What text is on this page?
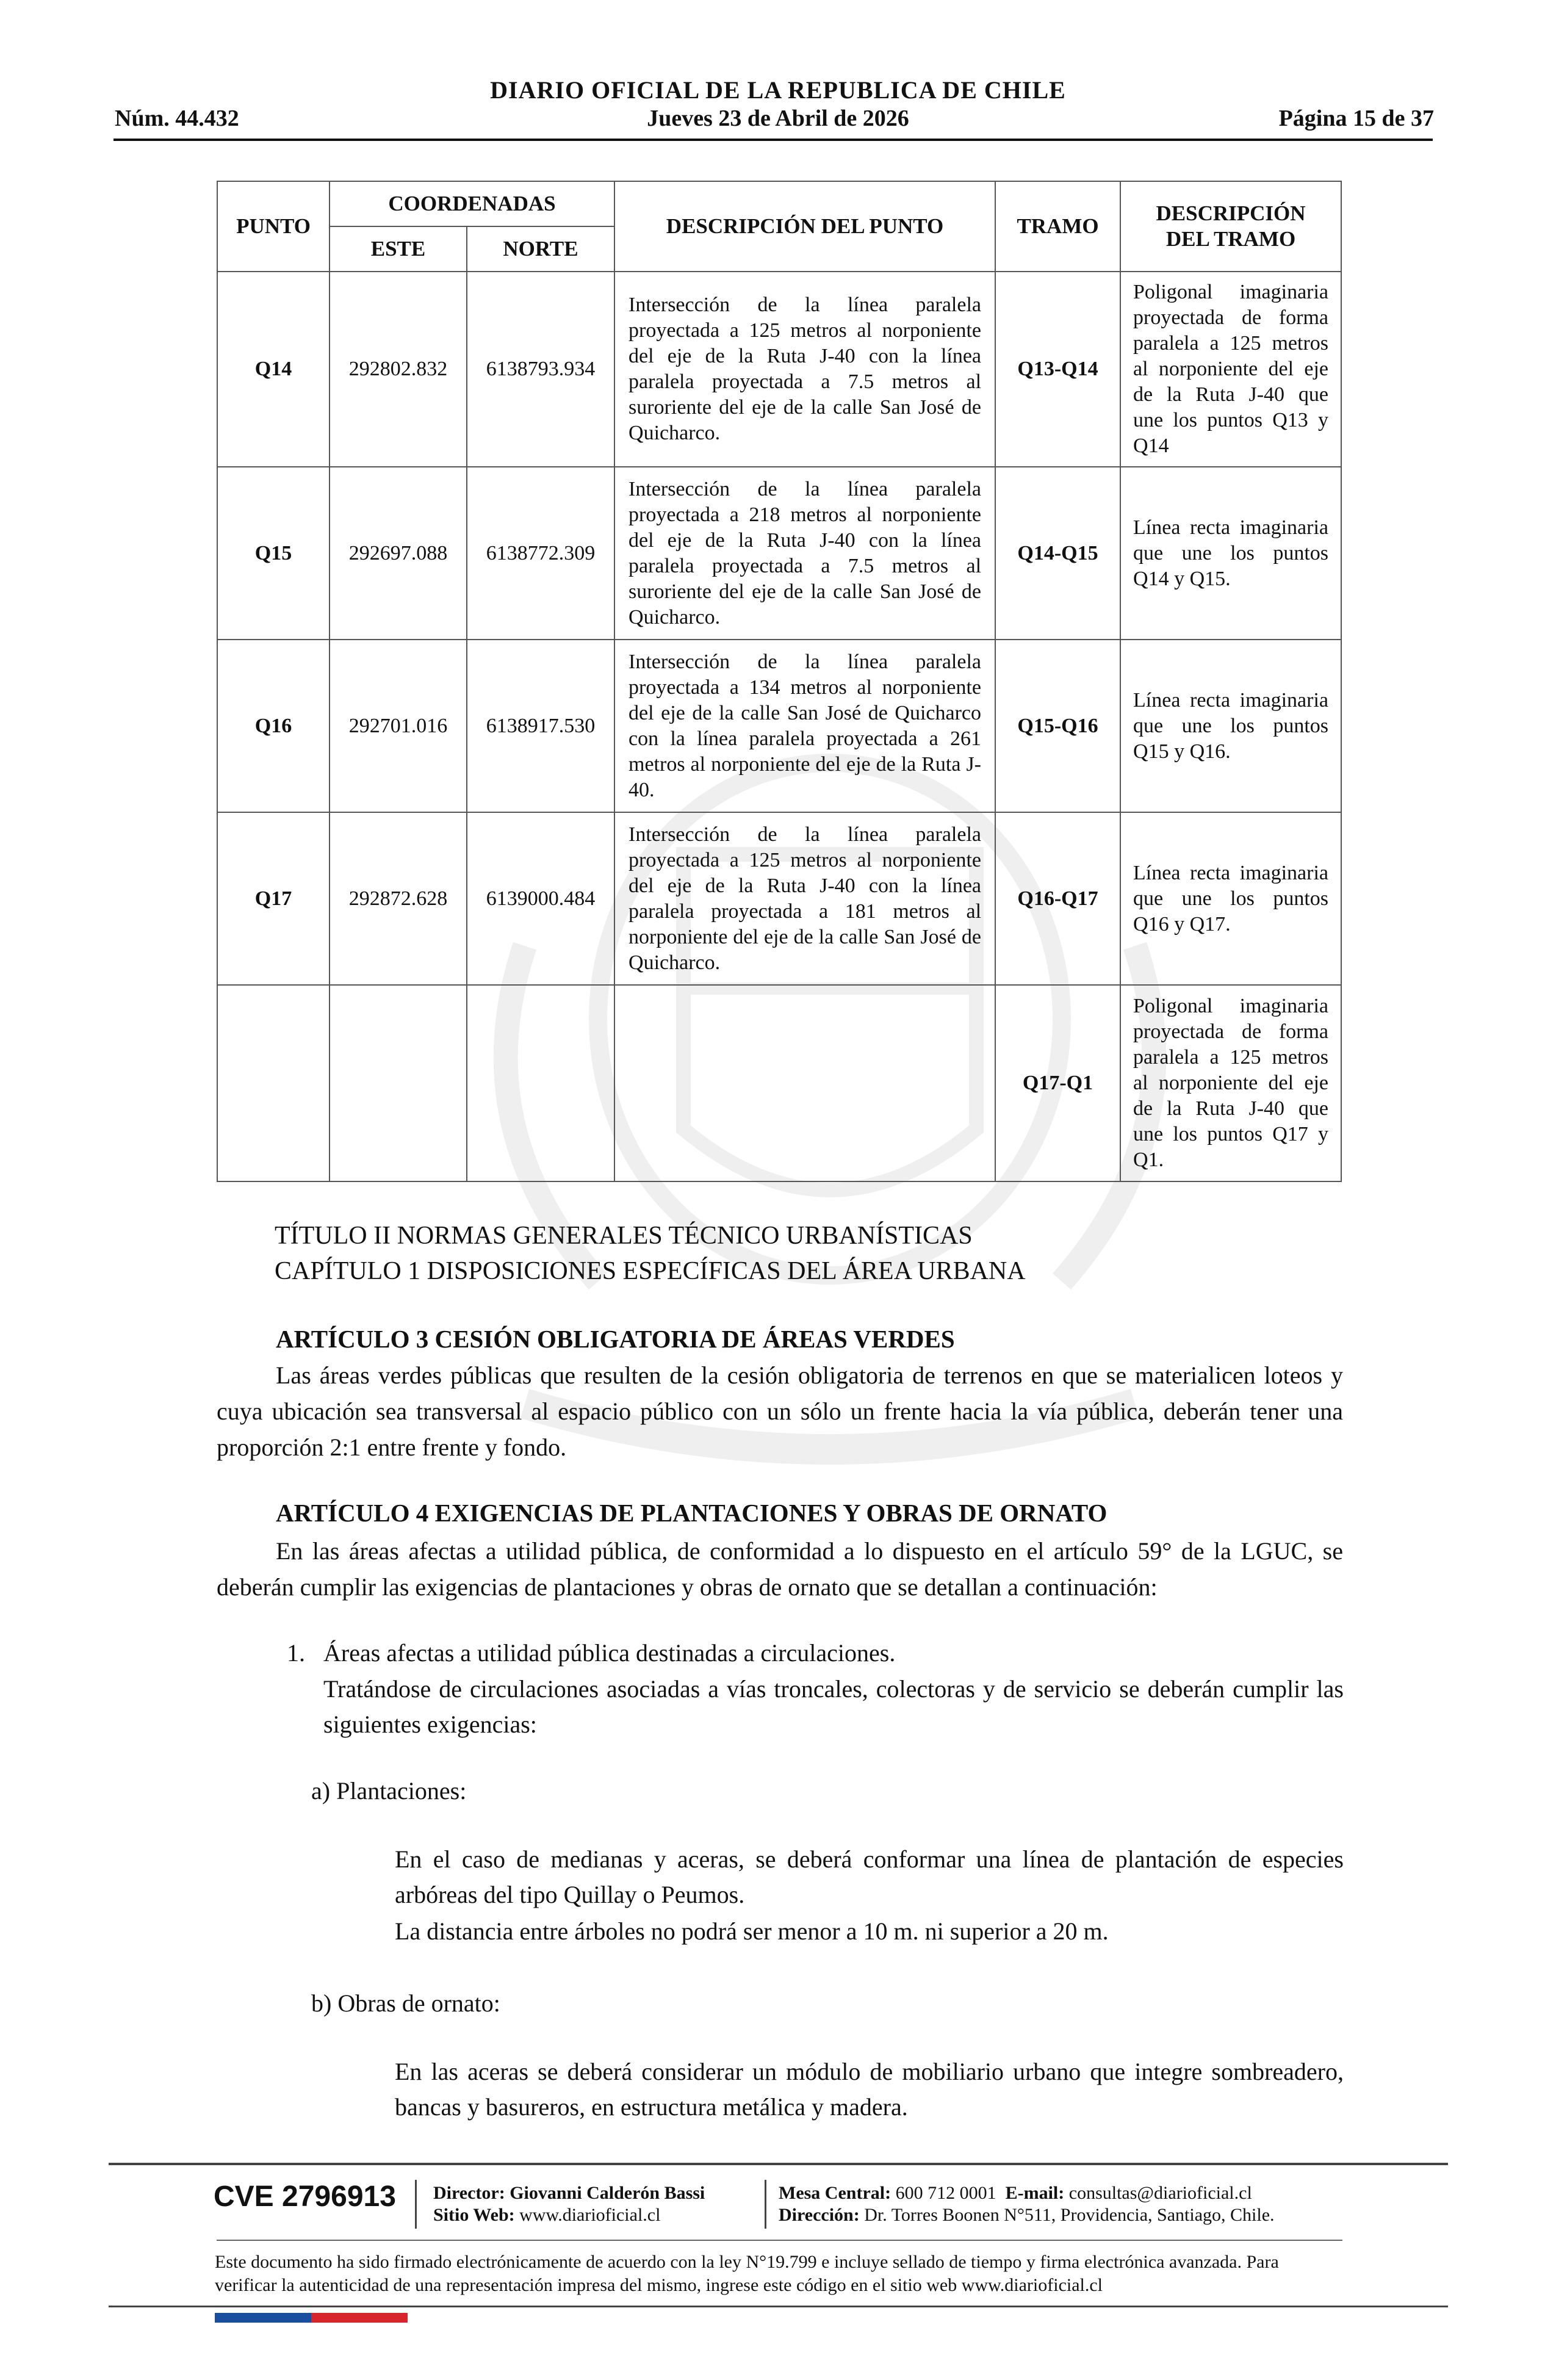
DIARIO OFICIAL DE LA REPUBLICA DE CHILE
Núm. 44.432	Jueves 23 de Abril de 2026	Página 15 de 37
PUNTO	COORDENADAS		DESCRIPCIÓN DEL PUNTO	TRAMO	DESCRIPCIÓN DEL TRAMO
	ESTE	NORTE			
Q14	292802.832	6138793.934	Intersección de la línea paralela proyectada a 125 metros al norponiente del eje de la Ruta J-40 con la línea paralela proyectada a 7.5 metros al suroriente del eje de la calle San José de Quicharco.	Q13-Q14	Poligonal imaginaria proyectada de forma paralela a 125 metros al norponiente del eje de la Ruta J-40 que une los puntos Q13 y Q14
Q15	292697.088	6138772.309	Intersección de la línea paralela proyectada a 218 metros al norponiente del eje de la Ruta J-40 con la línea paralela proyectada a 7.5 metros al suroriente del eje de la calle San José de Quicharco.	Q14-Q15	Línea recta imaginaria que une los puntos Q14 y Q15.
Q16	292701.016	6138917.530	Intersección de la línea paralela proyectada a 134 metros al norponiente del eje de la calle San José de Quicharco con la línea paralela proyectada a 261 metros al norponiente del eje de la Ruta J-40.	Q15-Q16	Línea recta imaginaria que une los puntos Q15 y Q16.
Q17	292872.628	6139000.484	Intersección de la línea paralela proyectada a 125 metros al norponiente del eje de la Ruta J-40 con la línea paralela proyectada a 181 metros al norponiente del eje de la calle San José de Quicharco.	Q16-Q17	Línea recta imaginaria que une los puntos Q16 y Q17.
				Q17-Q1	Poligonal imaginaria proyectada de forma paralela a 125 metros al norponiente del eje de la Ruta J-40 que une los puntos Q17 y Q1.
TÍTULO II NORMAS GENERALES TÉCNICO URBANÍSTICAS
CAPÍTULO 1 DISPOSICIONES ESPECÍFICAS DEL ÁREA URBANA
ARTÍCULO 3 CESIÓN OBLIGATORIA DE ÁREAS VERDES
Las áreas verdes públicas que resulten de la cesión obligatoria de terrenos en que se materialicen loteos y cuya ubicación sea transversal al espacio público con un sólo un frente hacia la vía pública, deberán tener una proporción 2:1 entre frente y fondo.
ARTÍCULO 4 EXIGENCIAS DE PLANTACIONES Y OBRAS DE ORNATO
En las áreas afectas a utilidad pública, de conformidad a lo dispuesto en el artículo 59° de la LGUC, se deberán cumplir las exigencias de plantaciones y obras de ornato que se detallan a continuación:
1. Áreas afectas a utilidad pública destinadas a circulaciones.
Tratándose de circulaciones asociadas a vías troncales, colectoras y de servicio se deberán cumplir las siguientes exigencias:
a) Plantaciones:
En el caso de medianas y aceras, se deberá conformar una línea de plantación de especies arbóreas del tipo Quillay o Peumos.
La distancia entre árboles no podrá ser menor a 10 m. ni superior a 20 m.
b) Obras de ornato:
En las aceras se deberá considerar un módulo de mobiliario urbano que integre sombreadero, bancas y basureros, en estructura metálica y madera.
CVE 2796913 Director: Giovanni Calderón Bassi
Sitio Web: www.diarioficial.cl
Mesa Central: 600 712 0001 E-mail: consultas@diarioficial.cl
Dirección: Dr. Torres Boonen N°511, Providencia, Santiago, Chile.
Este documento ha sido firmado electrónicamente de acuerdo con la ley N°19.799 e incluye sellado de tiempo y firma electrónica avanzada. Para verificar la autenticidad de una representación impresa del mismo, ingrese este código en el sitio web www.diarioficial.cl
